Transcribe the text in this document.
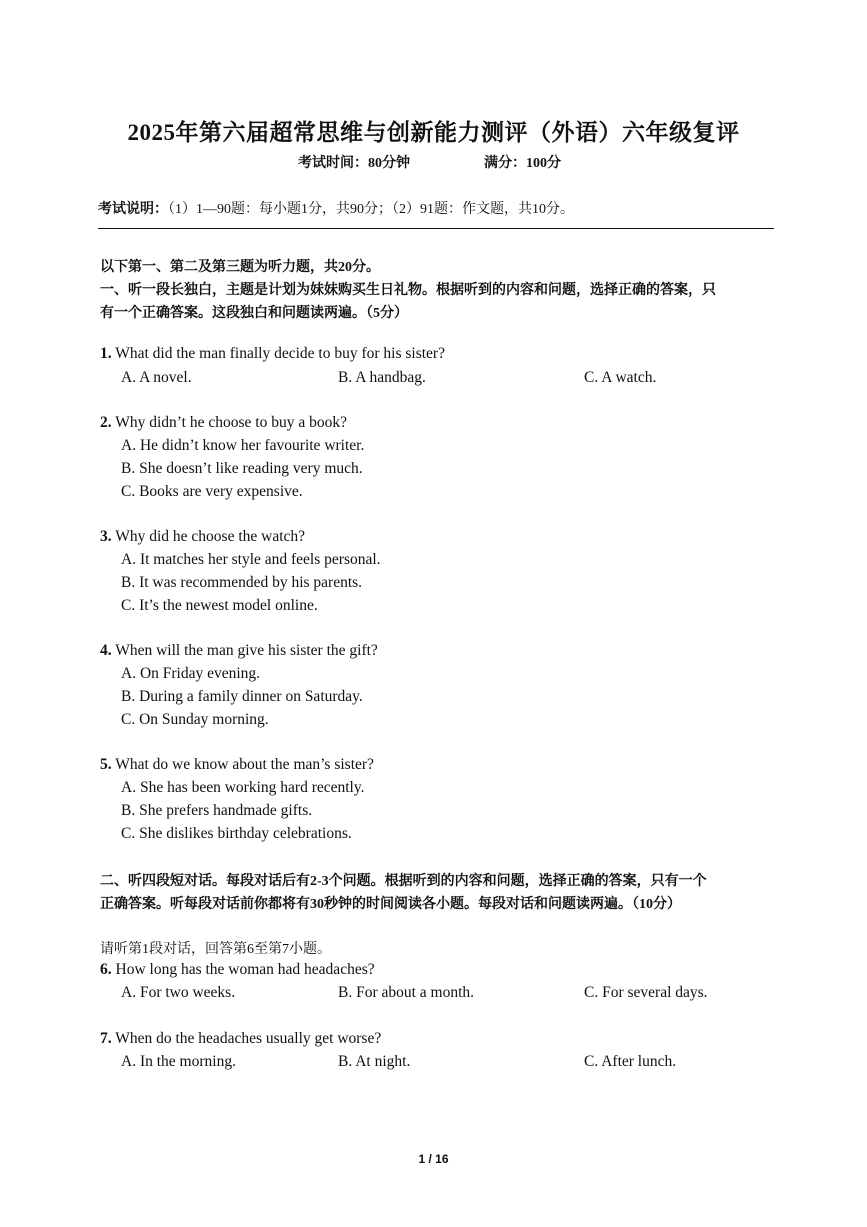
2025年第六届超常思维与创新能力测评（外语）六年级复评
考试时间：80分钟	满分：100分
考试说明：（1）1—90题：每小题1分，共90分；（2）91题：作文题，共10分。
以下第一、第二及第三题为听力题，共20分。
一、听一段长独白，主题是计划为妹妹购买生日礼物。根据听到的内容和问题，选择正确的答案，只
有一个正确答案。这段独白和问题读两遍。（5分）
1. What did the man finally decide to buy for his sister?
A. A novel.	B. A handbag.	C. A watch.
2. Why didn’t he choose to buy a book?
A. He didn’t know her favourite writer.
B. She doesn’t like reading very much.
C. Books are very expensive.
3. Why did he choose the watch?
A. It matches her style and feels personal.
B. It was recommended by his parents.
C. It’s the newest model online.
4. When will the man give his sister the gift?
A. On Friday evening.
B. During a family dinner on Saturday.
C. On Sunday morning.
5. What do we know about the man’s sister?
A. She has been working hard recently.
B. She prefers handmade gifts.
C. She dislikes birthday celebrations.
二、听四段短对话。每段对话后有2-3个问题。根据听到的内容和问题，选择正确的答案，只有一个
正确答案。听每段对话前你都将有30秒钟的时间阅读各小题。每段对话和问题读两遍。（10分）
请听第1段对话，回答第6至第7小题。
6. How long has the woman had headaches?
A. For two weeks.	B. For about a month.	C. For several days.
7. When do the headaches usually get worse?
A. In the morning.	B. At night.	C. After lunch.
1 / 16
